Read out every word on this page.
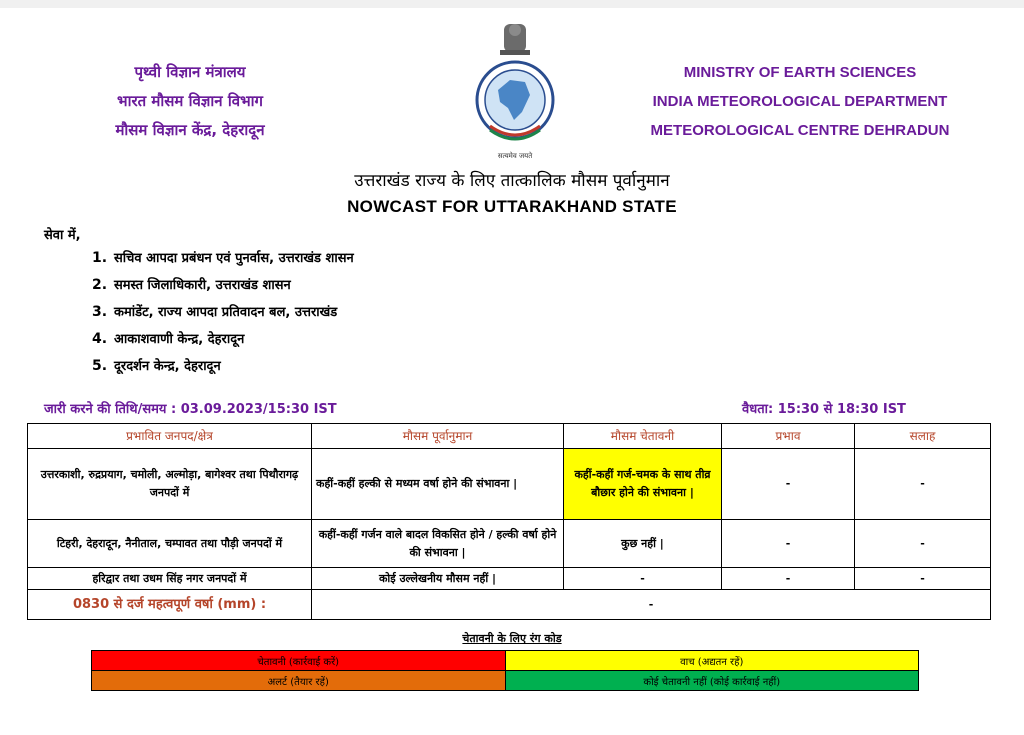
पृथ्वी विज्ञान मंत्रालय
भारत मौसम विज्ञान विभाग
मौसम विज्ञान केंद्र, देहरादून
सत्यमेव जयते
MINISTRY OF EARTH SCIENCES
INDIA METEOROLOGICAL DEPARTMENT
METEOROLOGICAL CENTRE DEHRADUN
उत्तराखंड राज्य के लिए तात्कालिक मौसम पूर्वानुमान
NOWCAST FOR UTTARAKHAND STATE
सेवा में,
1. सचिव आपदा प्रबंधन एवं पुनर्वास, उत्तराखंड शासन
2. समस्त जिलाधिकारी, उत्तराखंड शासन
3. कमांडेंट, राज्य आपदा प्रतिवादन बल, उत्तराखंड
4. आकाशवाणी केन्द्र, देहरादून
5. दूरदर्शन केन्द्र, देहरादून
जारी करने की तिथि/समय : 03.09.2023/15:30 IST	वैधता: 15:30 से 18:30 IST
प्रभावित जनपद/क्षेत्र	मौसम पूर्वानुमान	मौसम चेतावनी	प्रभाव	सलाह
उत्तरकाशी, रुद्रप्रयाग, चमोली, अल्मोड़ा, बागेश्वर तथा पिथौरागढ़ जनपदों में	कहीं-कहीं हल्की से मध्यम वर्षा होने की संभावना |	कहीं-कहीं गर्ज-चमक के साथ तीव्र बौछार होने की संभावना |	-	-
टिहरी, देहरादून, नैनीताल, चम्पावत तथा पौड़ी जनपदों में	कहीं-कहीं गर्जन वाले बादल विकसित होने / हल्की वर्षा होने की संभावना |	कुछ नहीं |	-	-
हरिद्वार तथा उधम सिंह नगर जनपदों में	कोई उल्लेखनीय मौसम नहीं |	-	-	-
0830 से दर्ज महत्वपूर्ण वर्षा (mm) :	-			
चेतावनी के लिए रंग कोड
चेतावनी (कार्रवाई करें)	वाच (अद्यतन रहें)
अलर्ट (तैयार रहें)	कोई चेतावनी नहीं (कोई कार्रवाई नहीं)
